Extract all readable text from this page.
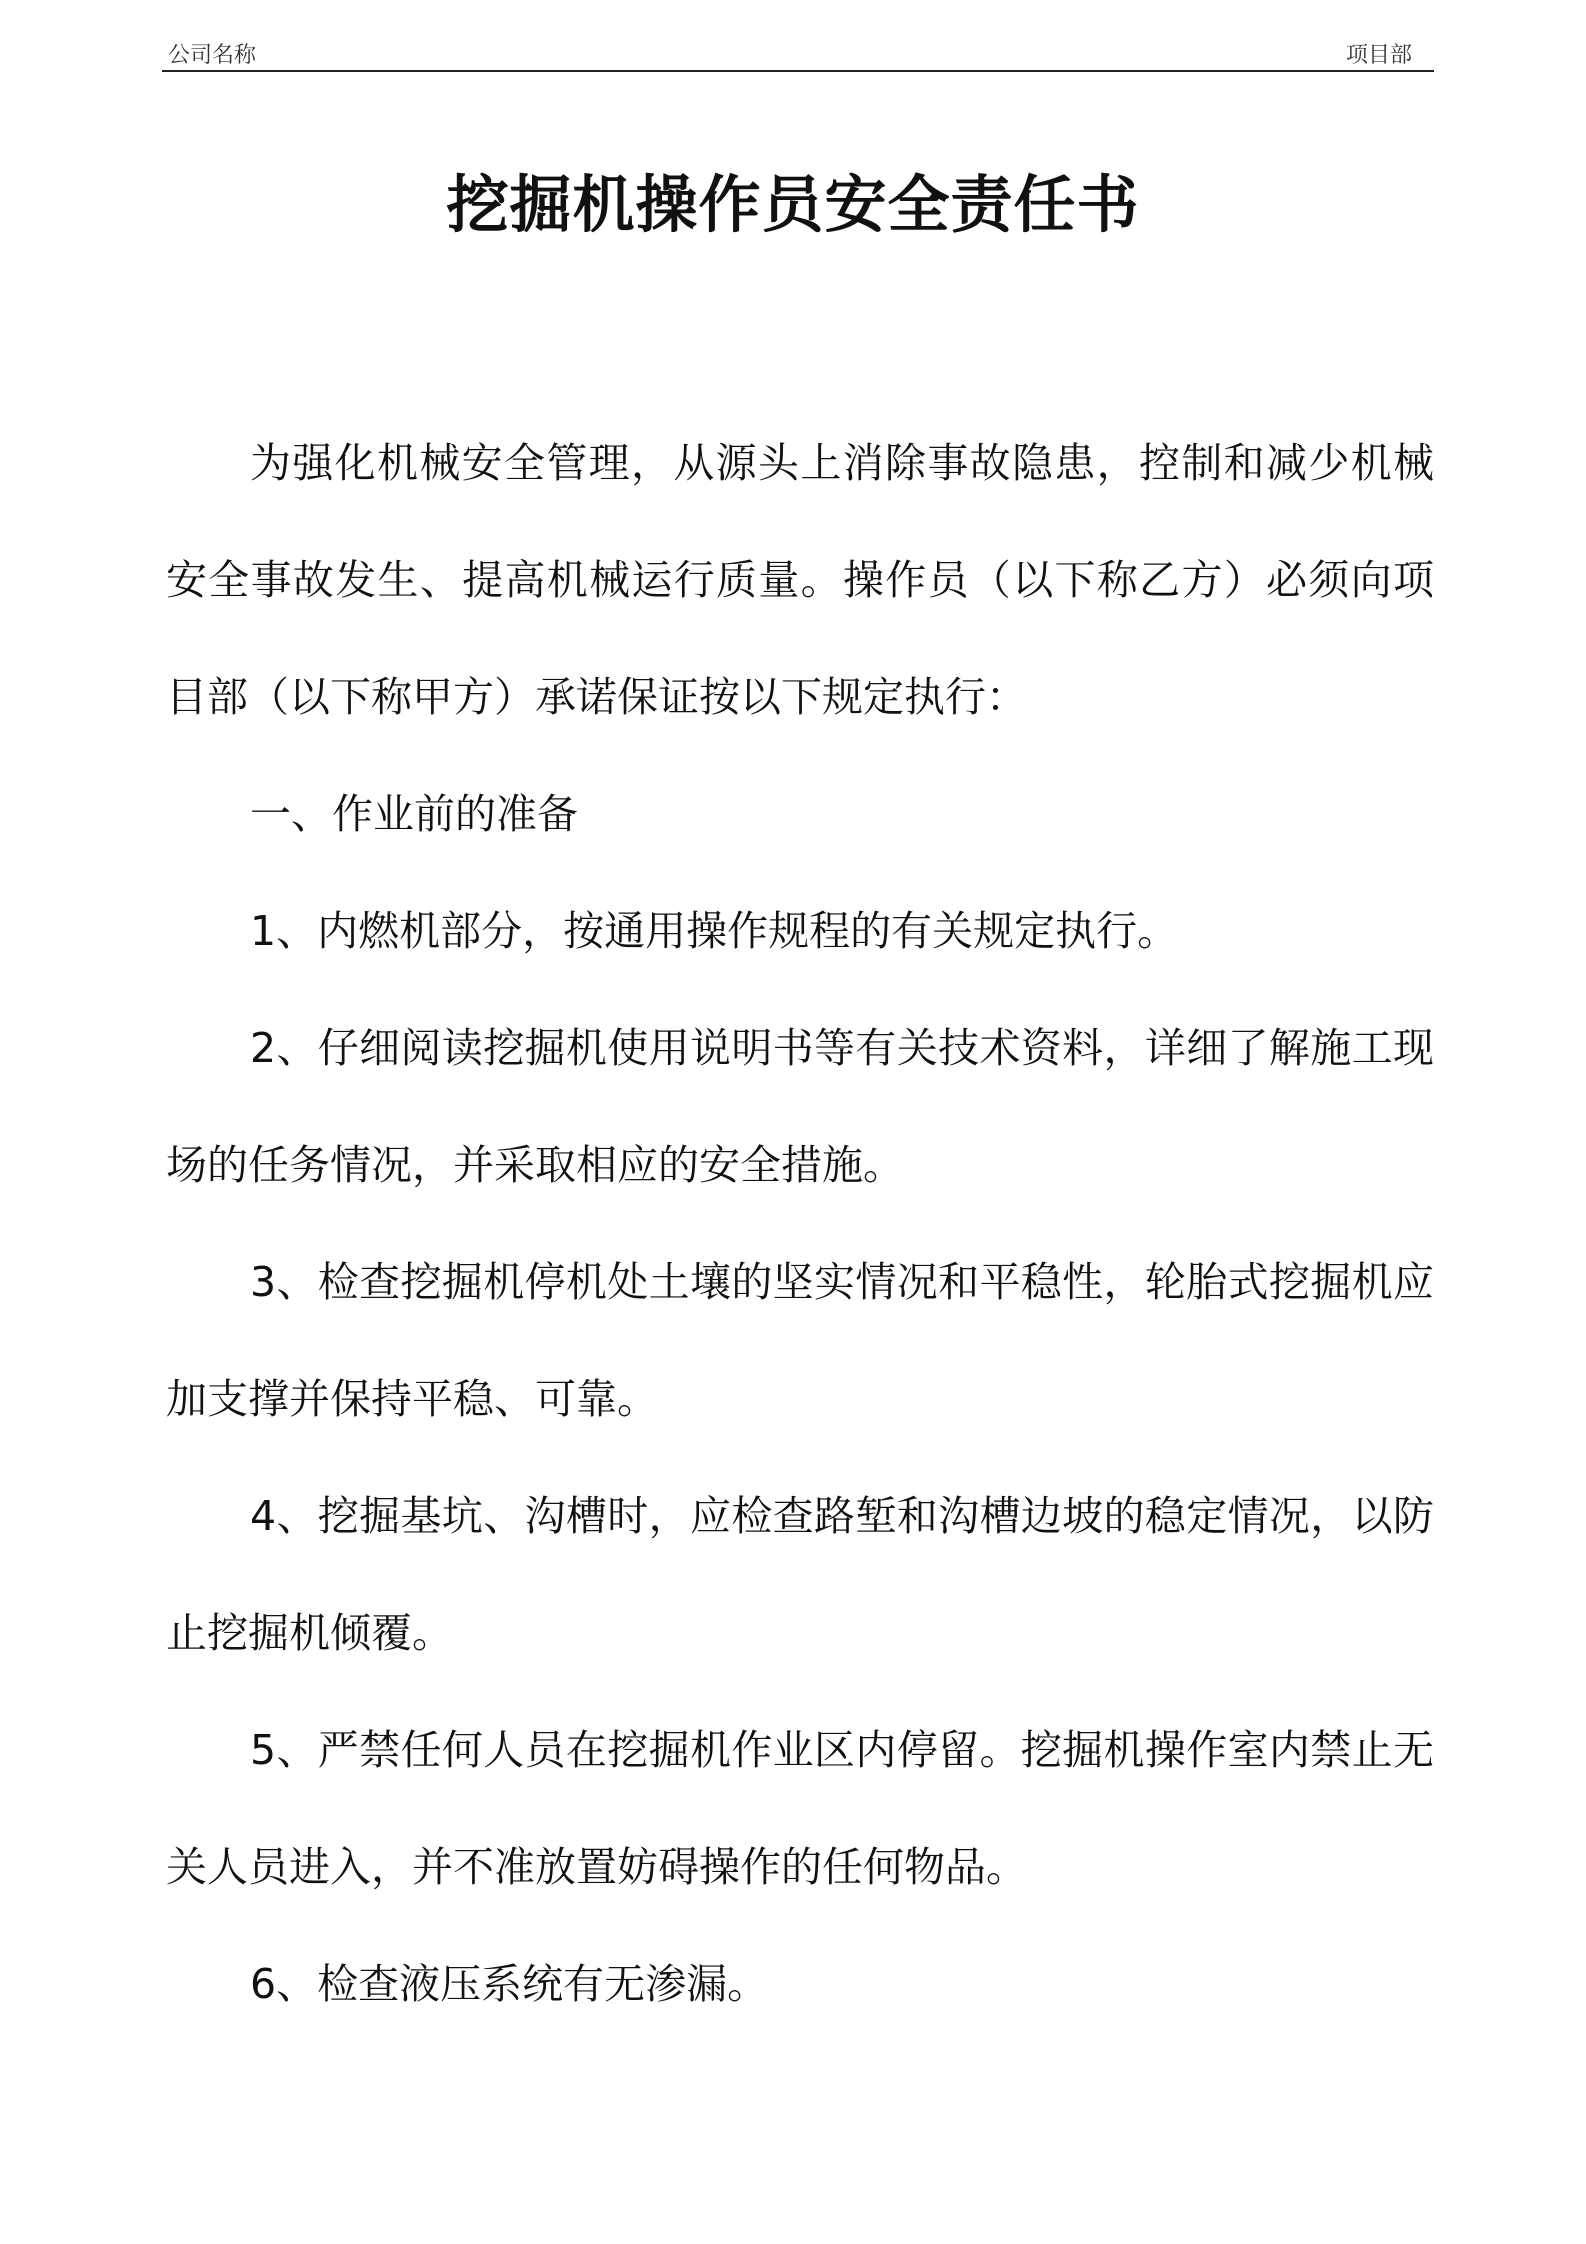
公司名称	项目部
挖掘机操作员安全责任书

为强化机械安全管理，从源头上消除事故隐患，控制和减少机械安全事故发生、提高机械运行质量。操作员（以下称乙方）必须向项目部（以下称甲方）承诺保证按以下规定执行：

一、作业前的准备

1、内燃机部分，按通用操作规程的有关规定执行。

2、仔细阅读挖掘机使用说明书等有关技术资料，详细了解施工现场的任务情况，并采取相应的安全措施。

3、检查挖掘机停机处土壤的坚实情况和平稳性，轮胎式挖掘机应加支撑并保持平稳、可靠。

4、挖掘基坑、沟槽时，应检查路堑和沟槽边坡的稳定情况，以防止挖掘机倾覆。

5、严禁任何人员在挖掘机作业区内停留。挖掘机操作室内禁止无关人员进入，并不准放置妨碍操作的任何物品。

6、检查液压系统有无渗漏。
